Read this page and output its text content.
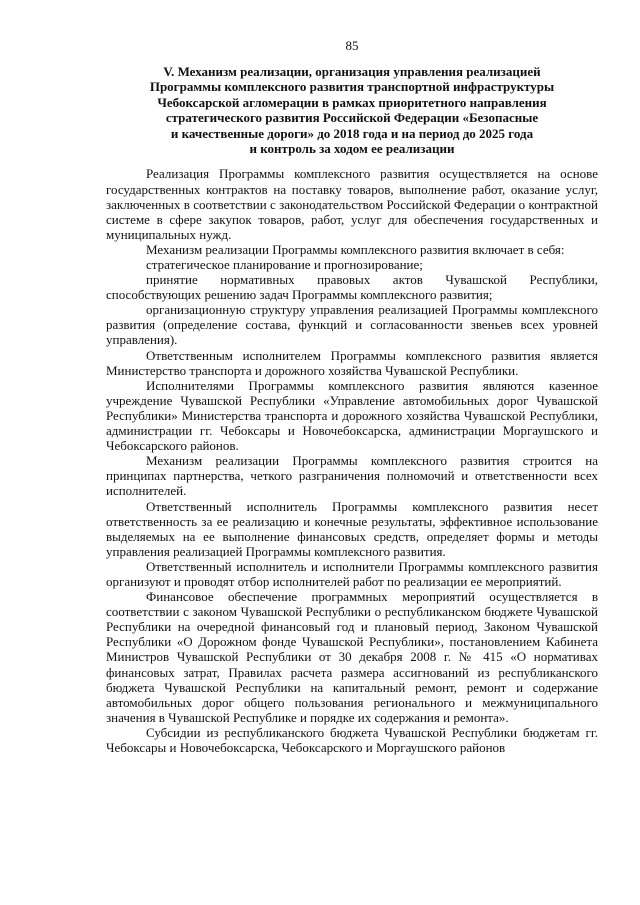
85
V. Механизм реализации, организация управления реализацией
Программы комплексного развития транспортной инфраструктуры
Чебоксарской агломерации в рамках приоритетного направления
стратегического развития Российской Федерации «Безопасные
и качественные дороги» до 2018 года и на период до 2025 года
и контроль за ходом ее реализации

Реализация Программы комплексного развития осуществляется на основе государственных контрактов на поставку товаров, выполнение работ, оказание услуг, заключенных в соответствии с законодательством Российской Федерации о контрактной системе в сфере закупок товаров, работ, услуг для обеспечения государственных и муниципальных нужд.

Механизм реализации Программы комплексного развития включает в себя:

стратегическое планирование и прогнозирование;

принятие нормативных правовых актов Чувашской Республики, способствующих решению задач Программы комплексного развития;

организационную структуру управления реализацией Программы комплексного развития (определение состава, функций и согласованности звеньев всех уровней управления).

Ответственным исполнителем Программы комплексного развития является Министерство транспорта и дорожного хозяйства Чувашской Республики.

Исполнителями Программы комплексного развития являются казенное учреждение Чувашской Республики «Управление автомобильных дорог Чувашской Республики» Министерства транспорта и дорожного хозяйства Чувашской Республики, администрации гг. Чебоксары и Новочебоксарска, администрации Моргаушского и Чебоксарского районов.

Механизм реализации Программы комплексного развития строится на принципах партнерства, четкого разграничения полномочий и ответственности всех исполнителей.

Ответственный исполнитель Программы комплексного развития несет ответственность за ее реализацию и конечные результаты, эффективное использование выделяемых на ее выполнение финансовых средств, определяет формы и методы управления реализацией Программы комплексного развития.

Ответственный исполнитель и исполнители Программы комплексного развития организуют и проводят отбор исполнителей работ по реализации ее мероприятий.

Финансовое обеспечение программных мероприятий осуществляется в соответствии с законом Чувашской Республики о республиканском бюджете Чувашской Республики на очередной финансовый год и плановый период, Законом Чувашской Республики «О Дорожном фонде Чувашской Республики», постановлением Кабинета Министров Чувашской Республики от 30 декабря 2008 г. № 415 «О нормативах финансовых затрат, Правилах расчета размера ассигнований из республиканского бюджета Чувашской Республики на капитальный ремонт, ремонт и содержание автомобильных дорог общего пользования регионального и межмуниципального значения в Чувашской Республике и порядке их содержания и ремонта».

Субсидии из республиканского бюджета Чувашской Республики бюджетам гг. Чебоксары и Новочебоксарска, Чебоксарского и Моргаушского районов
